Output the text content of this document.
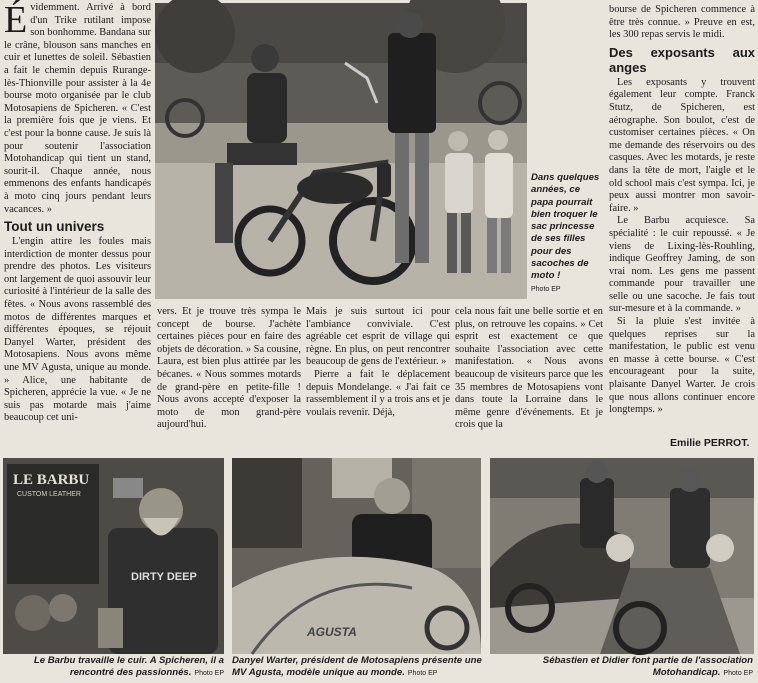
É videmment. Arrivé à bord d'un Trike rutilant impose son bonhomme. Bandana sur le crâne, blouson sans manches en cuir et lunettes de soleil. Sébastien a fait le chemin depuis Rurange-lès-Thionville pour assister à la 4e bourse moto organisée par le club Motosapiens de Spicheren. « C'est la première fois que je viens. Et c'est pour la bonne cause. Je suis là pour soutenir l'association Motohandicap qui tient un stand, sourit-il. Chaque année, nous emmenons des enfants handicapés à moto cinq jours pendant leurs vacances. »

Tout un univers

L'engin attire les foules mais interdiction de monter dessus pour prendre des photos. Les visiteurs ont largement de quoi assouvir leur curiosité à l'intérieur de la salle des fêtes. « Nous avons rassemblé des motos de différentes marques et différentes époques, se réjouit Danyel Warter, président des Motosapiens. Nous avons même une MV Agusta, unique au monde. » Alice, une habitante de Spicheren, apprécie la vue. « Je ne suis pas motarde mais j'aime beaucoup cet uni-

Dans quelques années, ce papa pourrait bien troquer le sac princesse de ses filles pour des sacoches de moto !
Photo EP

vers. Et je trouve très sympa le concept de bourse. J'achète certaines pièces pour en faire des objets de décoration. » Sa cousine, Laura, est bien plus attirée par les bécanes. « Nous sommes motards de grand-père en petite-fille ! Nous avons accepté d'exposer la moto de mon grand-père aujourd'hui.

Mais je suis surtout ici pour l'ambiance conviviale. C'est agréable cet esprit de village qui règne. En plus, on peut rencontrer beaucoup de gens de l'extérieur. »

Pierre a fait le déplacement depuis Mondelange. « J'ai fait ce rassemblement il y a trois ans et je voulais revenir. Déjà,

cela nous fait une belle sortie et en plus, on retrouve les copains. » Cet esprit est exactement ce que souhaite l'association avec cette manifestation. « Nous avons beaucoup de visiteurs parce que les 35 membres de Motosapiens vont dans toute la Lorraine dans le même genre d'événements. Et je crois que la

bourse de Spicheren commence à être très connue. » Preuve en est, les 300 repas servis le midi.

Des exposants aux anges

Les exposants y trouvent également leur compte. Franck Stutz, de Spicheren, est aérographe. Son boulot, c'est de customiser certaines pièces. « On me demande des réservoirs ou des casques. Avec les motards, je reste dans la tête de mort, l'aigle et le old school mais c'est sympa. Ici, je peux aussi montrer mon savoir-faire. »

Le Barbu acquiesce. Sa spécialité : le cuir repoussé. « Je viens de Lixing-lès-Rouhling, indique Geoffrey Jaming, de son vrai nom. Les gens me passent commande pour travailler une selle ou une sacoche. Je fais tout sur-mesure et à la commande. »

Si la pluie s'est invitée à quelques reprises sur la manifestation, le public est venu en masse à cette bourse. « C'est encourageant pour la suite, plaisante Danyel Warter. Je crois que nous allons continuer encore longtemps. »

Emilie PERROT.
LE BARBU
CUSTOM LEATHER
DIRTY DEEP
Le Barbu travaille le cuir. A Spicheren, il a rencontré des passionnés. Photo EP
AGUSTA
Danyel Warter, président de Motosapiens présente une MV Agusta, modèle unique au monde. Photo EP
Sébastien et Didier font partie de l'association Motohandicap. Photo EP
